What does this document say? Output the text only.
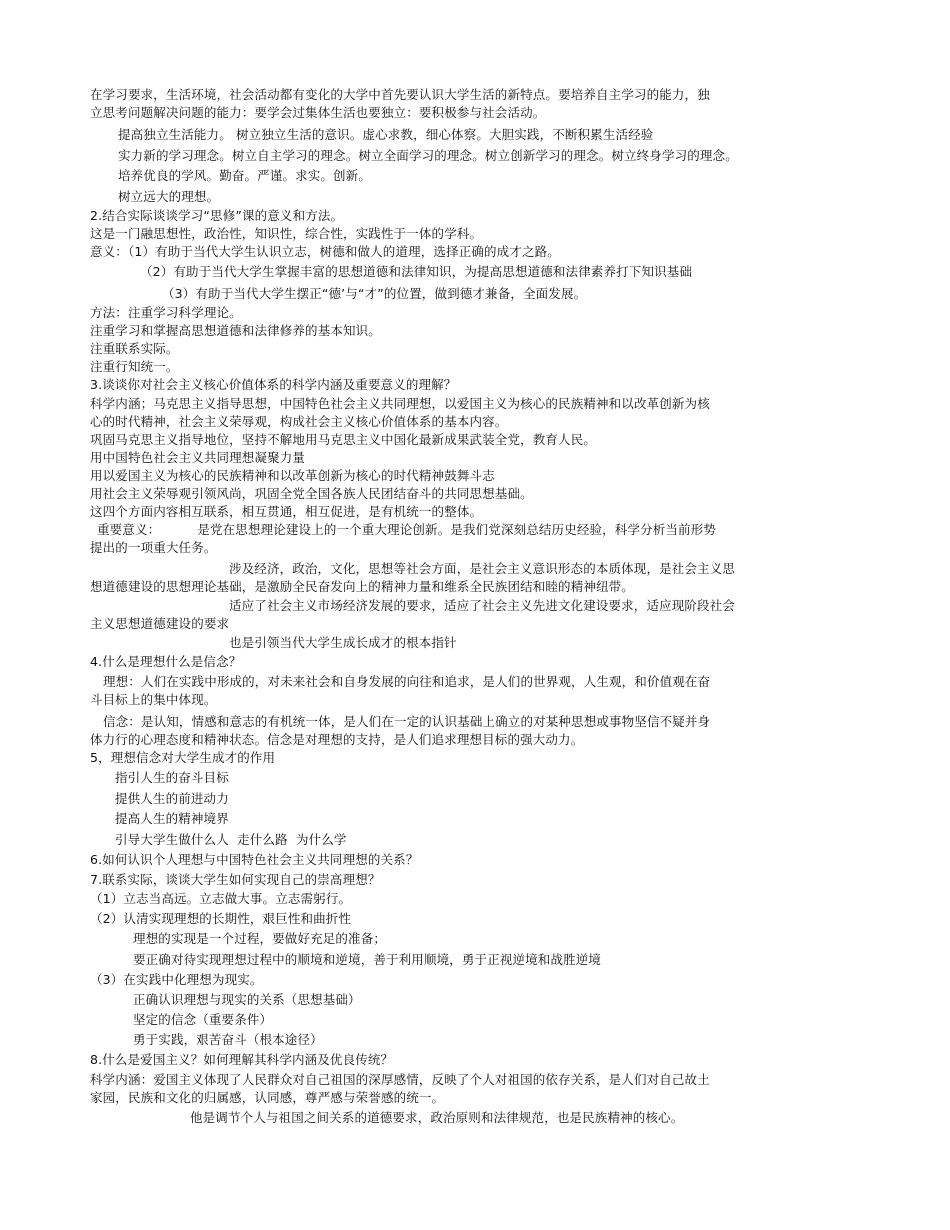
在学习要求，生活环境，社会活动都有变化的大学中首先要认识大学生活的新特点。要培养自主学习的能力，独
立思考问题解决问题的能力：要学会过集体生活也要独立：要积极参与社会活动。
提高独立生活能力。 树立独立生活的意识。虚心求教，细心体察。大胆实践，不断积累生活经验
实力新的学习理念。树立自主学习的理念。树立全面学习的理念。树立创新学习的理念。树立终身学习的理念。
培养优良的学风。勤奋。严谨。求实。创新。
树立远大的理想。
2.结合实际谈谈学习“思修”课的意义和方法。
这是一门融思想性，政治性，知识性，综合性，实践性于一体的学科。
意义：（1）有助于当代大学生认识立志，树德和做人的道理，选择正确的成才之路。
（2）有助于当代大学生掌握丰富的思想道德和法律知识，为提高思想道德和法律素养打下知识基础
（3）有助于当代大学生摆正“德’与“才”的位置，做到德才兼备，全面发展。
方法：注重学习科学理论。
注重学习和掌握高思想道德和法律修养的基本知识。
注重联系实际。
注重行知统一。
3.谈谈你对社会主义核心价值体系的科学内涵及重要意义的理解？
科学内涵；马克思主义指导思想，中国特色社会主义共同理想，以爱国主义为核心的民族精神和以改革创新为核
心的时代精神，社会主义荣辱观，构成社会主义核心价值体系的基本内容。
巩固马克思主义指导地位，坚持不解地用马克思主义中国化最新成果武装全党，教育人民。
用中国特色社会主义共同理想凝聚力量
用以爱国主义为核心的民族精神和以改革创新为核心的时代精神鼓舞斗志
用社会主义荣辱观引领风尚，巩固全党全国各族人民团结奋斗的共同思想基础。
这四个方面内容相互联系，相互贯通，相互促进，是有机统一的整体。
重要意义：         是党在思想理论建设上的一个重大理论创新。是我们党深刻总结历史经验，科学分析当前形势
提出的一项重大任务。
涉及经济，政治，文化，思想等社会方面，是社会主义意识形态的本质体现，是社会主义思
想道德建设的思想理论基础，是激励全民奋发向上的精神力量和维系全民族团结和睦的精神纽带。
适应了社会主义市场经济发展的要求，适应了社会主义先进文化建设要求，适应现阶段社会
主义思想道德建设的要求
也是引领当代大学生成长成才的根本指针
4.什么是理想什么是信念？
理想：人们在实践中形成的，对未来社会和自身发展的向往和追求，是人们的世界观，人生观，和价值观在奋
斗目标上的集中体现。
信念：是认知，情感和意志的有机统一体，是人们在一定的认识基础上确立的对某种思想或事物坚信不疑并身
体力行的心理态度和精神状态。信念是对理想的支持，是人们追求理想目标的强大动力。
5，理想信念对大学生成才的作用
指引人生的奋斗目标
提供人生的前进动力
提高人生的精神境界
引导大学生做什么人  走什么路  为什么学
6.如何认识个人理想与中国特色社会主义共同理想的关系？
7.联系实际，谈谈大学生如何实现自己的崇高理想？
（1）立志当高远。立志做大事。立志需躬行。
（2）认清实现理想的长期性，艰巨性和曲折性
理想的实现是一个过程，要做好充足的准备；
要正确对待实现理想过程中的顺境和逆境，善于利用顺境，勇于正视逆境和战胜逆境
（3）在实践中化理想为现实。
正确认识理想与现实的关系（思想基础）
坚定的信念（重要条件）
勇于实践，艰苦奋斗（根本途径）
8.什么是爱国主义？如何理解其科学内涵及优良传统？
科学内涵：爱国主义体现了人民群众对自己祖国的深厚感情，反映了个人对祖国的依存关系，是人们对自己故土
家园，民族和文化的归属感，认同感，尊严感与荣誉感的统一。
他是调节个人与祖国之间关系的道德要求，政治原则和法律规范，也是民族精神的核心。
